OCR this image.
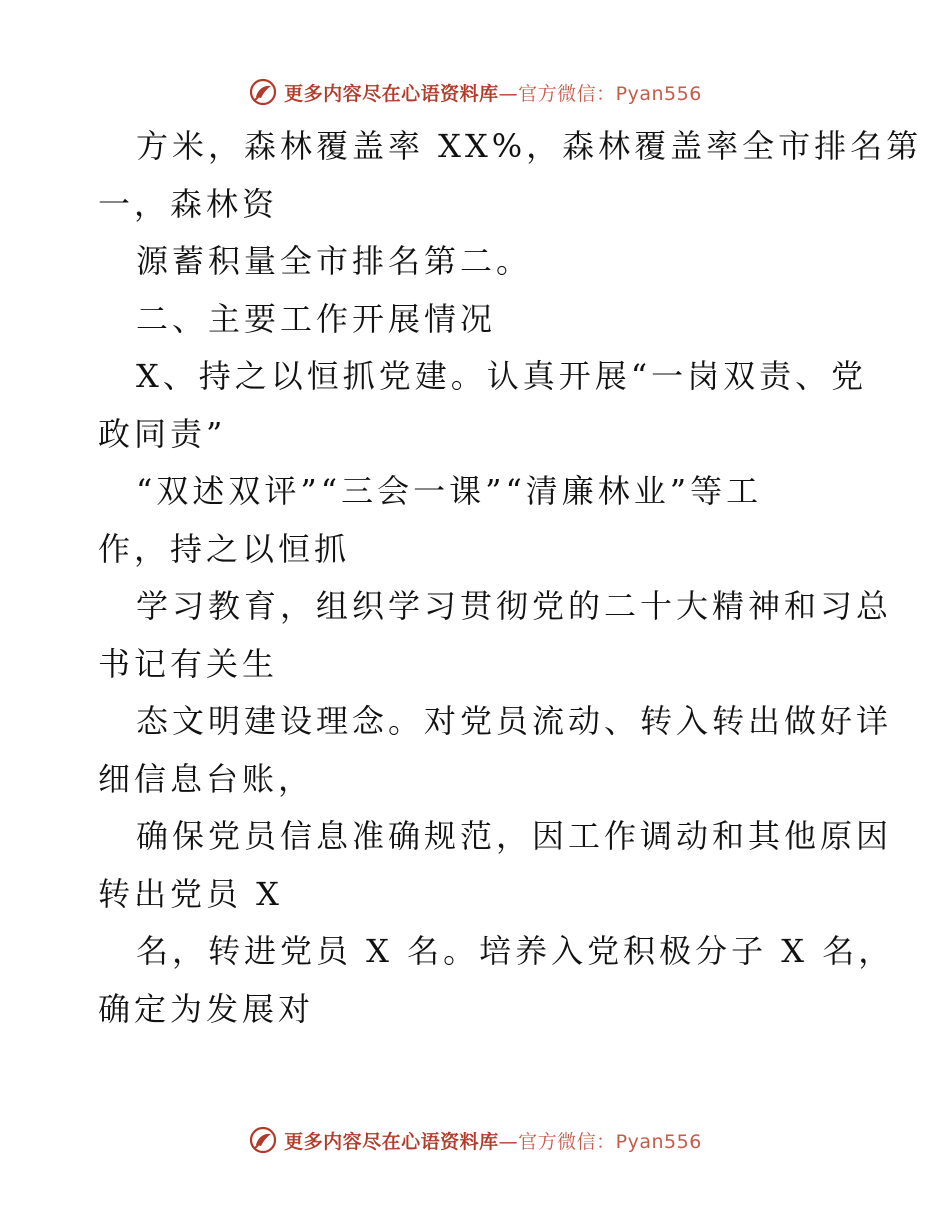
更多内容尽在心语资料库—官方微信：Pyan556
方米，森林覆盖率 XX%，森林覆盖率全市排名第
一，森林资
源蓄积量全市排名第二。
二、主要工作开展情况
X、持之以恒抓党建。认真开展“一岗双责、党
政同责”
“双述双评”“三会一课”“清廉林业”等工
作，持之以恒抓
学习教育，组织学习贯彻党的二十大精神和习总
书记有关生
态文明建设理念。对党员流动、转入转出做好详
细信息台账，
确保党员信息准确规范，因工作调动和其他原因
转出党员 X
名，转进党员 X 名。培养入党积极分子 X 名，
确定为发展对
更多内容尽在心语资料库—官方微信：Pyan556
